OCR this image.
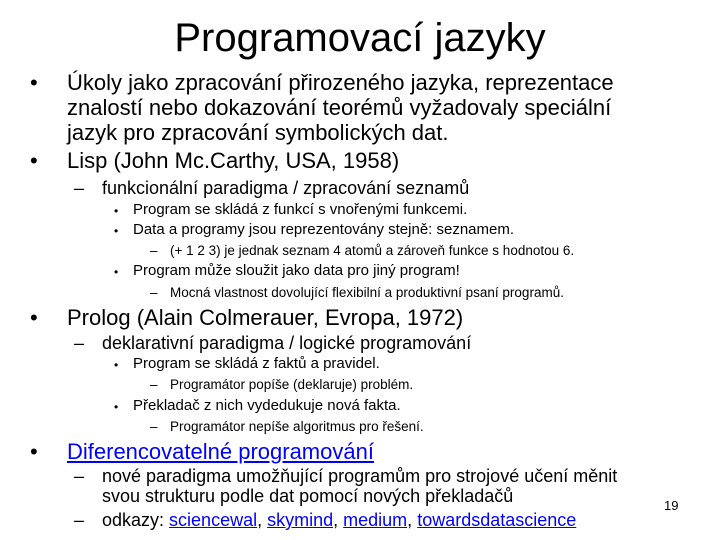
Programovací jazyky
• Úkoly jako zpracování přirozeného jazyka, reprezentace
znalostí nebo dokazování teorémů vyžadovaly speciální
jazyk pro zpracování symbolických dat.
• Lisp (John Mc.Carthy, USA, 1958)
– funkcionální paradigma / zpracování seznamů
• Program se skládá z funkcí s vnořenými funkcemi.
• Data a programy jsou reprezentovány stejně: seznamem.
– (+ 1 2 3) je jednak seznam 4 atomů a zároveň funkce s hodnotou 6.
• Program může sloužit jako data pro jiný program!
– Mocná vlastnost dovolující flexibilní a produktivní psaní programů.
• Prolog (Alain Colmerauer, Evropa, 1972)
– deklarativní paradigma / logické programování
• Program se skládá z faktů a pravidel.
– Programátor popíše (deklaruje) problém.
• Překladač z nich vydedukuje nová fakta.
– Programátor nepíše algoritmus pro řešení.
• Diferencovatelné programování
– nové paradigma umožňující programům pro strojové učení měnit
svou strukturu podle dat pomocí nových překladačů
– odkazy: sciencewal, skymind, medium, towardsdatascience
19
